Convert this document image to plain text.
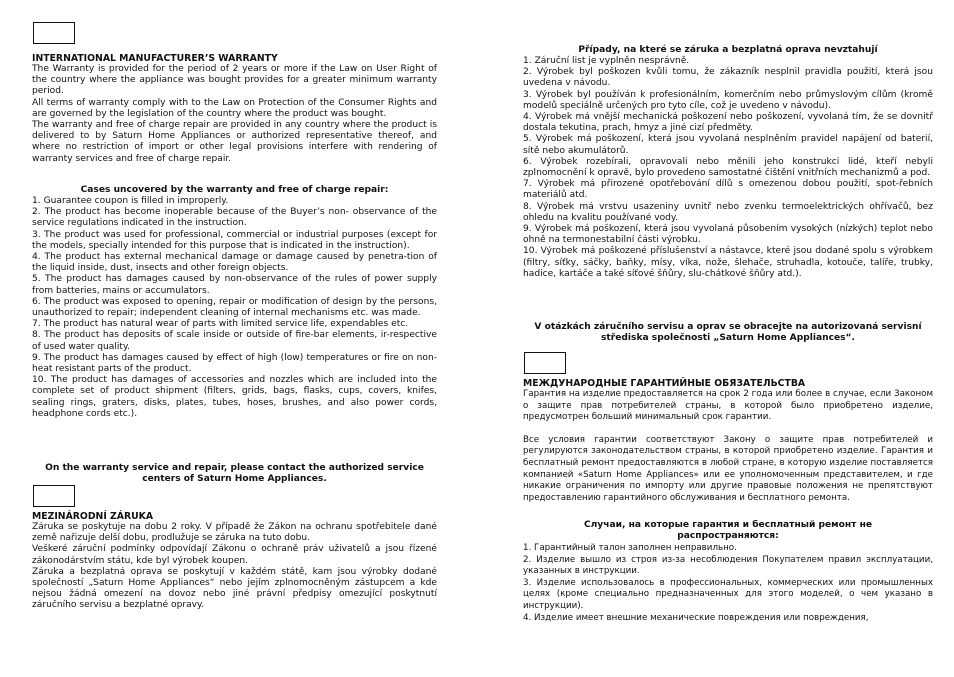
INTERNATIONAL MANUFACTURER’S WARRANTY

The Warranty is provided for the period of 2 years or more if the Law on User Right of the country where the appliance was bought provides for a greater minimum warranty period.

All terms of warranty comply with to the Law on Protection of the Consumer Rights and are governed by the legislation of the country where the product was bought.

The warranty and free of charge repair are provided in any country where the product is delivered to by Saturn Home Appliances or authorized representative thereof, and where no restriction of import or other legal provisions interfere with rendering of warranty services and free of charge repair.

Cases uncovered by the warranty and free of charge repair:

1. Guarantee coupon is filled in improperly.

2. The product has become inoperable because of the Buyer’s non- observance of the service regulations indicated in the instruction.

3. The product was used for professional, commercial or industrial purposes (except for the models, specially intended for this purpose that is indicated in the instruction).

4. The product has external mechanical damage or damage caused by penetra-tion of the liquid inside, dust, insects and other foreign objects.

5. The product has damages caused by non-observance of the rules of power supply from batteries, mains or accumulators.

6. The product was exposed to opening, repair or modification of design by the persons, unauthorized to repair; independent cleaning of internal mechanisms etc. was made.

7. The product has natural wear of parts with limited service life, expendables etc.

8. The product has deposits of scale inside or outside of fire-bar elements, ir-respective of used water quality.

9. The product has damages caused by effect of high (low) temperatures or fire on non-heat resistant parts of the product.

10. The product has damages of accessories and nozzles which are included into the complete set of product shipment (filters, grids, bags, flasks, cups, covers, knifes, sealing rings, graters, disks, plates, tubes, hoses, brushes, and also power cords, headphone cords etc.).

On the warranty service and repair, please contact the authorized service centers of Saturn Home Appliances.

MEZINÁRODNÍ ZÁRUKA

Záruka se poskytuje na dobu 2 roky. V případě že Zákon na ochranu spotřebitele dané země nařizuje delší dobu, prodlužuje se záruka na tuto dobu.

Veškeré záruční podmínky odpovídají Zákonu o ochraně práv uživatelů a jsou řízené zákonodárstvím státu, kde byl výrobek koupen.

Záruka a bezplatná oprava se poskytují v každém státě, kam jsou výrobky dodané společností „Saturn Home Appliances“ nebo jejím zplnomocněným zástupcem a kde nejsou žádná omezení na dovoz nebo jiné právní předpisy omezující poskytnutí záručního servisu a bezplatné opravy.

Případy, na které se záruka a bezplatná oprava nevztahují

1. Záruční list je vyplněn nesprávně.

2. Výrobek byl poškozen kvůli tomu, že zákazník nesplnil pravidla použití, která jsou uvedena v návodu.

3. Výrobek byl používán k profesionálním, komerčním nebo průmyslovým cílům (kromě modelů speciálně určených pro tyto cíle, což je uvedeno v návodu).

4. Výrobek má vnější mechanická poškození nebo poškození, vyvolaná tím, že se dovnitř dostala tekutina, prach, hmyz a jiné cizí předměty.

5. Výrobek má poškození, která jsou vyvolaná nesplněním pravidel napájení od baterií, sítě nebo akumulátorů.

6. Výrobek rozebírali, opravovali nebo měnili jeho konstrukci lidé, kteří nebyli zplnomocnění k opravě, bylo provedeno samostatné čištění vnitřních mechanizmů a pod.

7. Výrobek má přirozené opotřebování dílů s omezenou dobou použití, spot-řebních materiálů atd.

8. Výrobek má vrstvu usazeniny uvnitř nebo zvenku termoelektrických ohřívačů, bez ohledu na kvalitu používané vody.

9. Výrobek má poškození, která jsou vyvolaná působením vysokých (nízkých) teplot nebo ohně na termonestabilní části výrobku.

10. Výrobek má poškozené příslušenství a nástavce, které jsou dodané spolu s výrobkem (filtry, síťky, sáčky, baňky, mísy, víka, nože, šlehače, struhadla, kotouče, talíře, trubky, hadice, kartáče a také síťové šňůry, slu-chátkové šňůry atd.).

V otázkách záručního servisu a oprav se obracejte na autorizovaná servisní střediska společnosti „Saturn Home Appliances“.

МЕЖДУНАРОДНЫЕ ГАРАНТИЙНЫЕ ОБЯЗАТЕЛЬСТВА

Гарантия на изделие предоставляется на срок 2 года или более в случае, если Законом о защите прав потребителей страны, в которой было приобретено изделие, предусмотрен больший минимальный срок гарантии.

Все условия гарантии соответствуют Закону о защите прав потребителей и регулируются законодательством страны, в которой приобретено изделие. Гарантия и бесплатный ремонт предоставляются в любой стране, в которую изделие поставляется компанией «Saturn Home Appliances» или ее уполномоченным представителем, и где никакие ограничения по импорту или другие правовые положения не препятствуют предоставлению гарантийного обслуживания и бесплатного ремонта.

Случаи, на которые гарантия и бесплатный ремонт не распространяются:

1. Гарантийный талон заполнен неправильно.

2. Изделие вышло из строя из-за несоблюдения Покупателем правил эксплуатации, указанных в инструкции.

3. Изделие использовалось в профессиональных, коммерческих или промышленных целях (кроме специально предназначенных для этого моделей, о чем указано в инструкции).

4. Изделие имеет внешние механические повреждения или повреждения,
